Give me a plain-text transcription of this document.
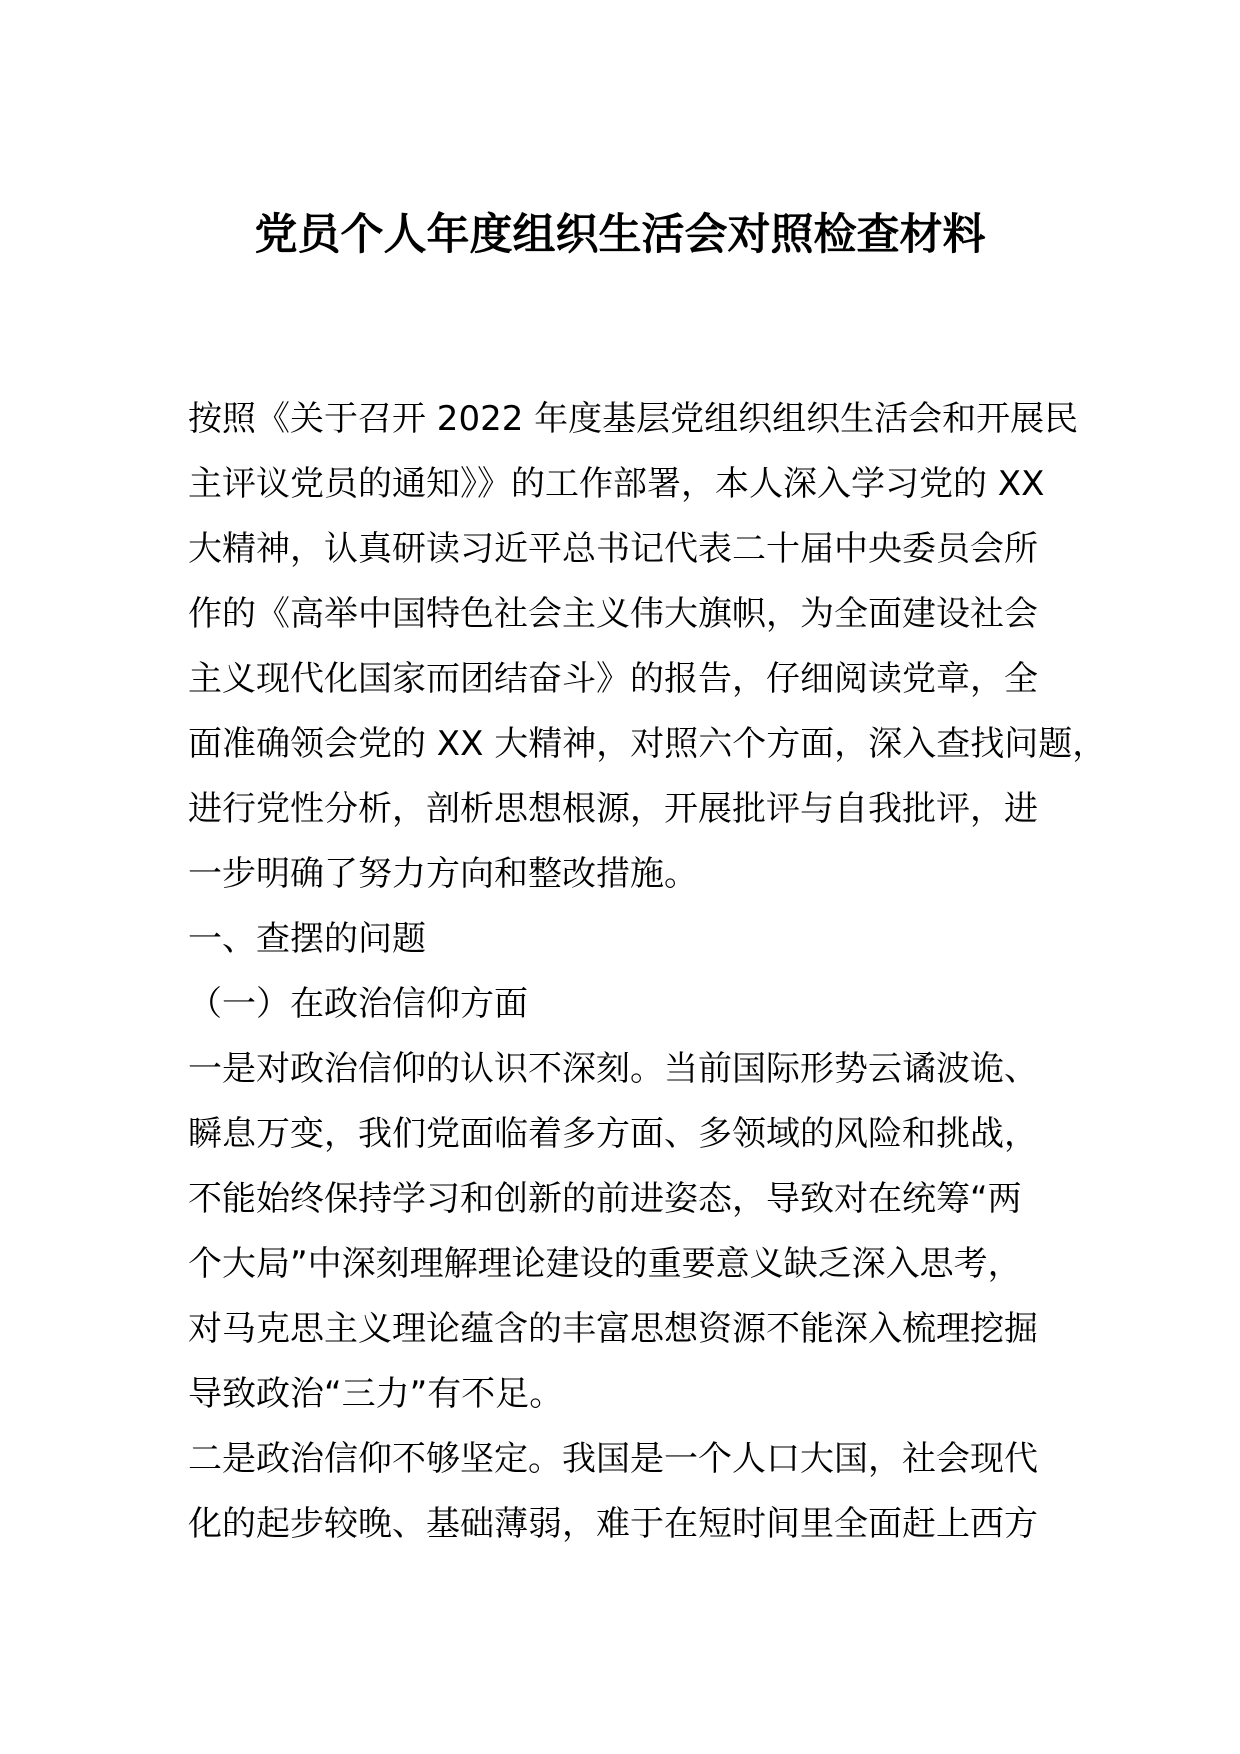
党员个人年度组织生活会对照检查材料
按照《关于召开 2022 年度基层党组织组织生活会和开展民
主评议党员的通知》》的工作部署，本人深入学习党的 XX
大精神，认真研读习近平总书记代表二十届中央委员会所
作的《高举中国特色社会主义伟大旗帜，为全面建设社会
主义现代化国家而团结奋斗》的报告，仔细阅读党章，全
面准确领会党的 XX 大精神，对照六个方面，深入查找问题，
进行党性分析，剖析思想根源，开展批评与自我批评，进
一步明确了努力方向和整改措施。
一、查摆的问题
（一）在政治信仰方面
一是对政治信仰的认识不深刻。当前国际形势云谲波诡、
瞬息万变，我们党面临着多方面、多领域的风险和挑战，
不能始终保持学习和创新的前进姿态，导致对在统筹“两
个大局”中深刻理解理论建设的重要意义缺乏深入思考，
对马克思主义理论蕴含的丰富思想资源不能深入梳理挖掘
导致政治“三力”有不足。
二是政治信仰不够坚定。我国是一个人口大国，社会现代
化的起步较晚、基础薄弱，难于在短时间里全面赶上西方
